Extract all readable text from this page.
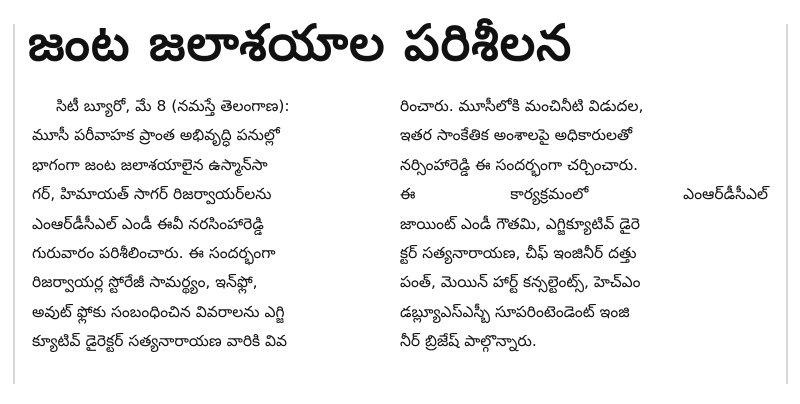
జంట జలాశయాల పరిశీలన
సిటీ బ్యూరో, మే 8 (నమస్తే తెలంగాణ):
మూసీ పరీవాహక ప్రాంత అభివృద్ధి పనుల్లో
భాగంగా జంట జలాశయాలైన ఉస్మాన్‌సా
గర్, హిమాయత్ సాగర్ రిజర్వాయర్‌లను
ఎంఆర్‌డీసీఎల్ ఎండీ ఈవీ నరసింహారెడ్డి
గురువారం పరిశీలించారు. ఈ సందర్భంగా
రిజర్వాయర్ల స్టోరేజీ సామర్థ్యం, ఇన్‌ఫ్లో,
అవుట్ ఫ్లోకు సంబంధించిన వివరాలను ఎగ్జి
క్యూటివ్ డైరెక్టర్ సత్యనారాయణ వారికి వివ
రించారు. మూసీలోకి మంచినీటి విడుదల,
ఇతర సాంకేతిక అంశాలపై అధికారులతో
నర్సింహారెడ్డి ఈ సందర్భంగా చర్చించారు.
ఈ	కార్యక్రమంలో	ఎంఆర్‌డీసీఎల్
జాయింట్ ఎండీ గౌతమి, ఎగ్జిక్యూటివ్ డైరె
క్టర్ సత్యనారాయణ, చీఫ్ ఇంజినీర్ దత్తు
పంత్, మెయిన్ హార్ట్ కన్సల్టెంట్స్, హెచ్ఎం
డబ్ల్యూఎస్ఎస్బీ సూపరింటెండెంట్ ఇంజి
నీర్ బ్రిజేష్ పాల్గొన్నారు.
